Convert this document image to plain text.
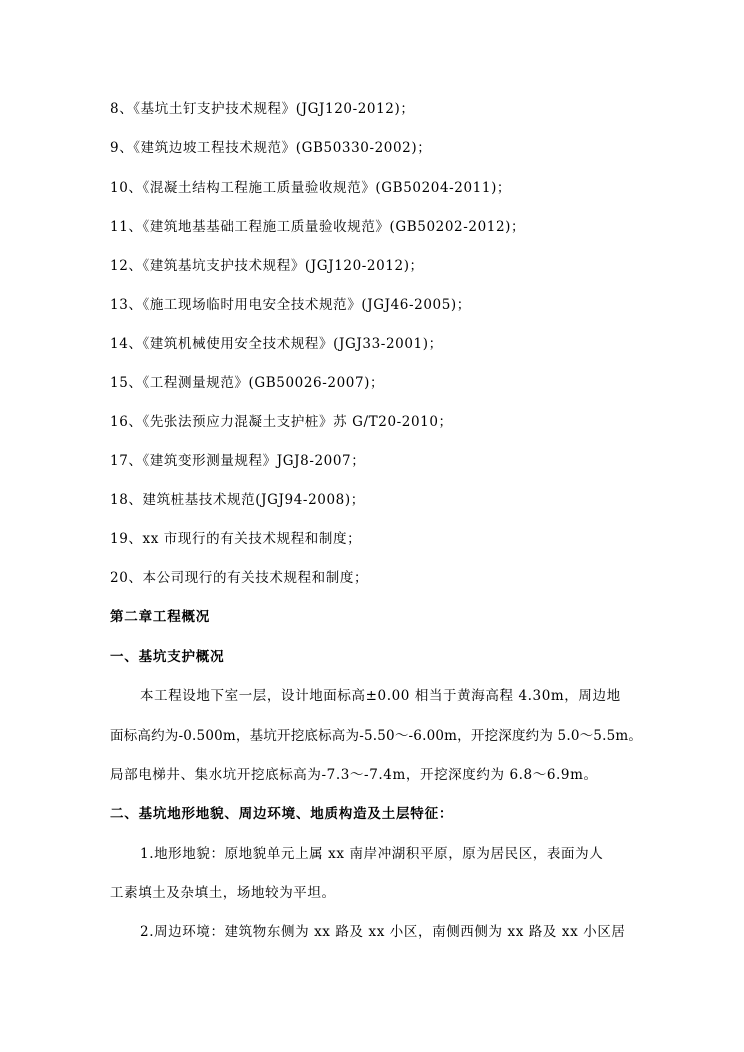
8、《基坑土钉支护技术规程》(JGJ120-2012)；
9、《建筑边坡工程技术规范》(GB50330-2002)；
10、《混凝土结构工程施工质量验收规范》(GB50204-2011)；
11、《建筑地基基础工程施工质量验收规范》(GB50202-2012)；
12、《建筑基坑支护技术规程》(JGJ120-2012)；
13、《施工现场临时用电安全技术规范》(JGJ46-2005)；
14、《建筑机械使用安全技术规程》(JGJ33-2001)；
15、《工程测量规范》(GB50026-2007)；
16、《先张法预应力混凝土支护桩》苏 G/T20-2010；
17、《建筑变形测量规程》JGJ8-2007；
18、建筑桩基技术规范(JGJ94-2008)；
19、xx 市现行的有关技术规程和制度；
20、本公司现行的有关技术规程和制度；
第二章工程概况
一、基坑支护概况
本工程设地下室一层，设计地面标高±0.00 相当于黄海高程 4.30m，周边地
面标高约为-0.500m，基坑开挖底标高为-5.50～-6.00m，开挖深度约为 5.0～5.5m。
局部电梯井、集水坑开挖底标高为-7.3～-7.4m，开挖深度约为 6.8～6.9m。
二、基坑地形地貌、周边环境、地质构造及土层特征：
1.地形地貌：原地貌单元上属 xx 南岸冲湖积平原，原为居民区，表面为人
工素填土及杂填土，场地较为平坦。
2.周边环境：建筑物东侧为 xx 路及 xx 小区，南侧西侧为 xx 路及 xx 小区居
